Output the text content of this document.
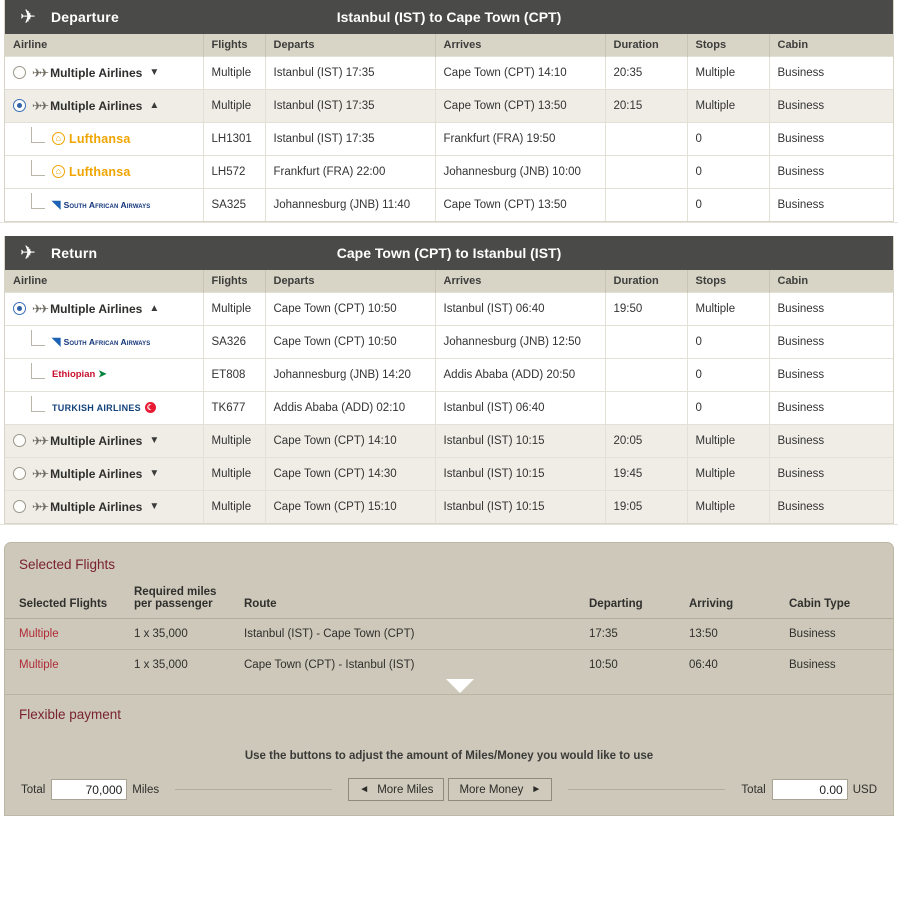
✈	Departure	Istanbul (IST) to Cape Town (CPT)
Airline	Flights	Departs	Arrives	Duration	Stops	Cabin

✈✈ Multiple Airlines ▼	Multiple	Istanbul (IST) 17:35	Cape Town (CPT) 14:10	20:35	Multiple	Business

✈✈ Multiple Airlines ▲	Multiple	Istanbul (IST) 17:35	Cape Town (CPT) 13:50	20:15	Multiple	Business

⌂ Lufthansa	LH1301	Istanbul (IST) 17:35	Frankfurt (FRA) 19:50		0	Business

⌂ Lufthansa	LH572	Frankfurt (FRA) 22:00	Johannesburg (JNB) 10:00		0	Business

◥ South African Airways	SA325	Johannesburg (JNB) 11:40	Cape Town (CPT) 13:50		0	Business
✈	Return	Cape Town (CPT) to Istanbul (IST)
Airline	Flights	Departs	Arrives	Duration	Stops	Cabin

✈✈ Multiple Airlines ▲	Multiple	Cape Town (CPT) 10:50	Istanbul (IST) 06:40	19:50	Multiple	Business

◥ South African Airways	SA326	Cape Town (CPT) 10:50	Johannesburg (JNB) 12:50		0	Business

Ethiopian ➤	ET808	Johannesburg (JNB) 14:20	Addis Ababa (ADD) 20:50		0	Business

TURKISH AIRLINES ☾	TK677	Addis Ababa (ADD) 02:10	Istanbul (IST) 06:40		0	Business

✈✈ Multiple Airlines ▼	Multiple	Cape Town (CPT) 14:10	Istanbul (IST) 10:15	20:05	Multiple	Business

✈✈ Multiple Airlines ▼	Multiple	Cape Town (CPT) 14:30	Istanbul (IST) 10:15	19:45	Multiple	Business

✈✈ Multiple Airlines ▼	Multiple	Cape Town (CPT) 15:10	Istanbul (IST) 10:15	19:05	Multiple	Business
Selected Flights
Selected Flights	Required miles per passenger	Route	Departing	Arriving	Cabin Type
Multiple	1 x 35,000	Istanbul (IST) - Cape Town (CPT)	17:35	13:50	Business
Multiple	1 x 35,000	Cape Town (CPT) - Istanbul (IST)	10:50	06:40	Business
Flexible payment
Use the buttons to adjust the amount of Miles/Money you would like to use
Total
70,000	Miles	◄ More Miles More Money ►	Total
0.00	USD
